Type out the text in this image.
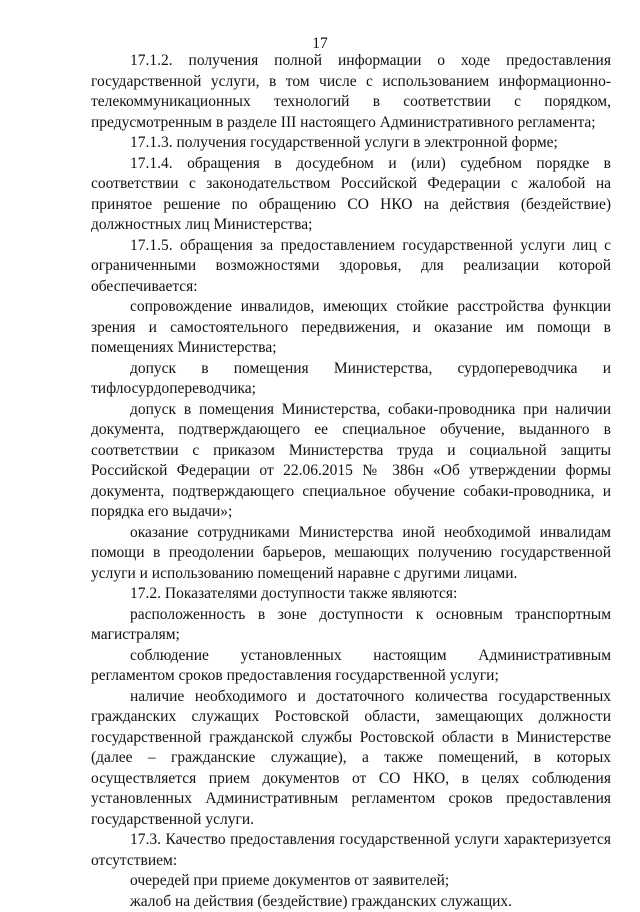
17

17.1.2. получения полной информации о ходе предоставления государственной услуги, в том числе с использованием информационно-телекоммуникационных технологий в соответствии с порядком, предусмотренным в разделе III настоящего Административного регламента;

17.1.3. получения государственной услуги в электронной форме;

17.1.4. обращения в досудебном и (или) судебном порядке в соответствии с законодательством Российской Федерации с жалобой на принятое решение по обращению СО НКО на действия (бездействие) должностных лиц Министерства;

17.1.5. обращения за предоставлением государственной услуги лиц с ограниченными возможностями здоровья, для реализации которой обеспечивается:

сопровождение инвалидов, имеющих стойкие расстройства функции зрения и самостоятельного передвижения, и оказание им помощи в помещениях Министерства;

допуск в помещения Министерства, сурдопереводчика и тифлосурдопереводчика;

допуск в помещения Министерства, собаки-проводника при наличии документа, подтверждающего ее специальное обучение, выданного в соответствии с приказом Министерства труда и социальной защиты Российской Федерации от 22.06.2015 № 386н «Об утверждении формы документа, подтверждающего специальное обучение собаки-проводника, и порядка его выдачи»;

оказание сотрудниками Министерства иной необходимой инвалидам помощи в преодолении барьеров, мешающих получению государственной услуги и использованию помещений наравне с другими лицами.

17.2. Показателями доступности также являются:

расположенность в зоне доступности к основным транспортным магистралям;

соблюдение установленных настоящим Административным регламентом сроков предоставления государственной услуги;

наличие необходимого и достаточного количества государственных гражданских служащих Ростовской области, замещающих должности государственной гражданской службы Ростовской области в Министерстве (далее – гражданские служащие), а также помещений, в которых осуществляется прием документов от СО НКО, в целях соблюдения установленных Административным регламентом сроков предоставления государственной услуги.

17.3. Качество предоставления государственной услуги характеризуется отсутствием:

очередей при приеме документов от заявителей;

жалоб на действия (бездействие) гражданских служащих.
